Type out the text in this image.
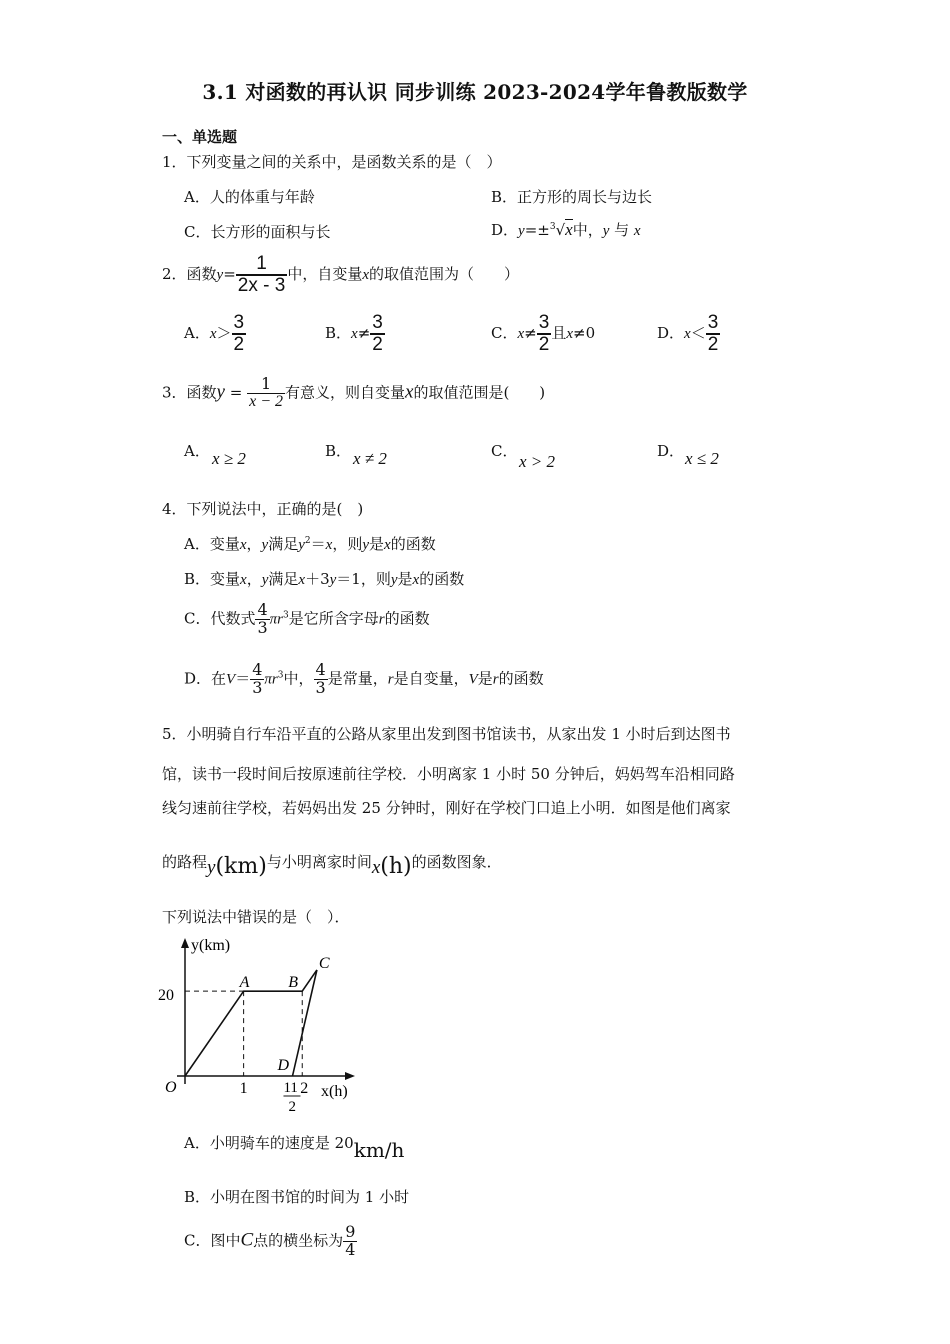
3.1 对函数的再认识 同步训练 2023-2024学年鲁教版数学
一、单选题
1．下列变量之间的关系中，是函数关系的是（　）
A．人的体重与年龄	B．正方形的周长与边长
C．长方形的面积与长	D．y=±$^3$√x中，y 与 x
2．函数$y= \frac{1}{2x - 3}$ 中，自变量x的取值范围为（　　）
A．$x> \frac{3}{2}$	B．$x\ne \frac{3}{2}$	C．$x\ne \frac{3}{2}$ 且x≠0	D．$x< \frac{3}{2}$
3．函数$y = \frac{1}{x - 2}$ 有意义，则自变量x的取值范围是(　　)
A． x ≥ 2	B． x ≠ 2	C．
x > 2
D． x ≤ 2
4．下列说法中，正确的是(　)
A．变量x，y满足$y^2=x$，则y是x的函数
B．变量x，y满足x＋3y＝1，则y是x的函数
C．代数式 $\frac{4}{3} \pi r^3$是它所含字母r的函数
D．在$V= \frac{4}{3} \pi r^3$中， $\frac{4}{3}$ 是常量，r是自变量，V是r的函数
5．小明骑自行车沿平直的公路从家里出发到图书馆读书，从家出发 1 小时后到达图书
馆，读书一段时间后按原速前往学校．小明离家 1 小时 50 分钟后，妈妈驾车沿相同路
线匀速前往学校，若妈妈出发 25 分钟时，刚好在学校门口追上小明．如图是他们离家
的路程y(km)与小明离家时间x(h)的函数图象．
下列说法中错误的是（　）．
y(km)
x(h)
O
20
A B
C
D
1 11
2
2
A．小明骑车的速度是 20km/h
B．小明在图书馆的时间为 1 小时
C．图中C点的横坐标为 $\frac{9}{4}$
